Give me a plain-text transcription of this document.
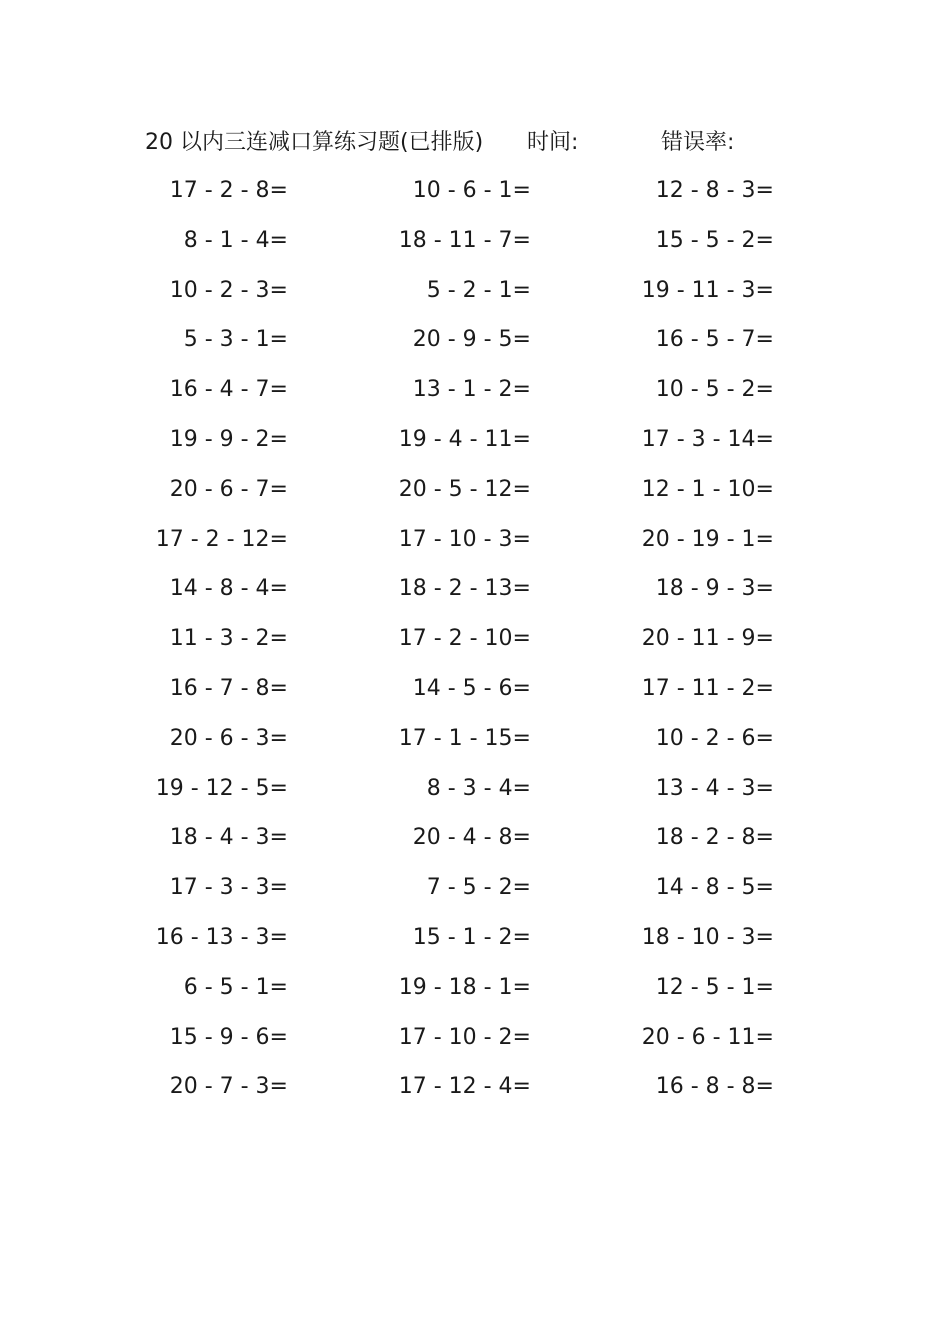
20 以内三连减口算练习题(已排版) 时间:	错误率:
17 - 2 - 8=	10 - 6 - 1=	12 - 8 - 3=
8 - 1 - 4=	18 - 11 - 7=	15 - 5 - 2=
10 - 2 - 3=	5 - 2 - 1=	19 - 11 - 3=
5 - 3 - 1=	20 - 9 - 5=	16 - 5 - 7=
16 - 4 - 7=	13 - 1 - 2=	10 - 5 - 2=
19 - 9 - 2=	19 - 4 - 11=	17 - 3 - 14=
20 - 6 - 7=	20 - 5 - 12=	12 - 1 - 10=
17 - 2 - 12=	17 - 10 - 3=	20 - 19 - 1=
14 - 8 - 4=	18 - 2 - 13=	18 - 9 - 3=
11 - 3 - 2=	17 - 2 - 10=	20 - 11 - 9=
16 - 7 - 8=	14 - 5 - 6=	17 - 11 - 2=
20 - 6 - 3=	17 - 1 - 15=	10 - 2 - 6=
19 - 12 - 5=	8 - 3 - 4=	13 - 4 - 3=
18 - 4 - 3=	20 - 4 - 8=	18 - 2 - 8=
17 - 3 - 3=	7 - 5 - 2=	14 - 8 - 5=
16 - 13 - 3=	15 - 1 - 2=	18 - 10 - 3=
6 - 5 - 1=	19 - 18 - 1=	12 - 5 - 1=
15 - 9 - 6=	17 - 10 - 2=	20 - 6 - 11=
20 - 7 - 3=	17 - 12 - 4=	16 - 8 - 8=
